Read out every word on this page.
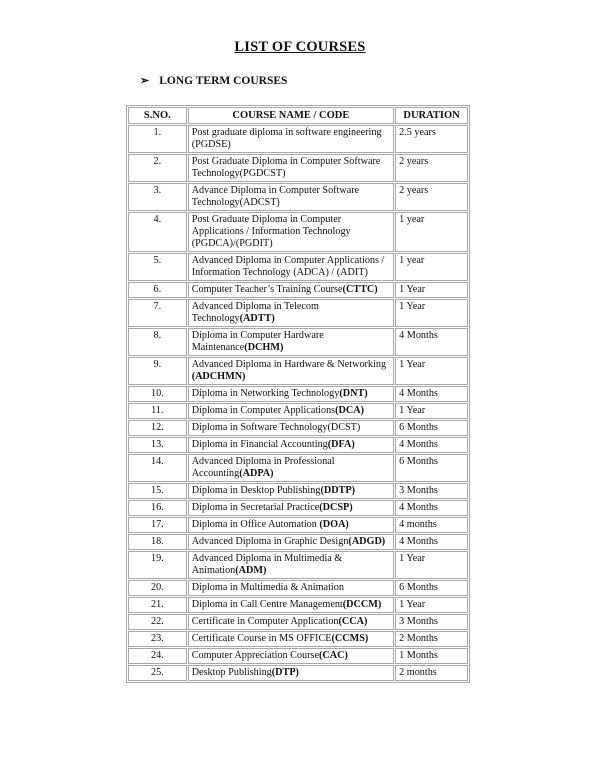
LIST OF COURSES
➢ LONG TERM COURSES
S.NO.	COURSE NAME / CODE	DURATION
1.	Post graduate diploma in software engineering (PGDSE)	2.5 years
2.	Post Graduate Diploma in Computer Software Technology(PGDCST)	2 years
3.	Advance Diploma in Computer Software Technology(ADCST)	2 years
4.	Post Graduate Diploma in Computer Applications / Information Technology (PGDCA)/(PGDIT)	1 year
5.	Advanced Diploma in Computer Applications / Information Technology (ADCA) / (ADIT)	1 year
6.	Computer Teacher’s Training Course(CTTC)	1 Year
7.	Advanced Diploma in Telecom Technology(ADTT)	1 Year
8.	Diploma in Computer Hardware Maintenance(DCHM)	4 Months
9.	Advanced Diploma in Hardware & Networking (ADCHMN)	1 Year
10.	Diploma in Networking Technology(DNT)	4 Months
11.	Diploma in Computer Applications(DCA)	1 Year
12.	Diploma in Software Technology(DCST)	6 Months
13.	Diploma in Financial Accounting(DFA)	4 Months
14.	Advanced Diploma in Professional Accounting(ADPA)	6 Months
15.	Diploma in Desktop Publishing(DDTP)	3 Months
16.	Diploma in Secretarial Practice(DCSP)	4 Months
17.	Diploma in Office Automation (DOA)	4 months
18.	Advanced Diploma in Graphic Design(ADGD)	4 Months
19.	Advanced Diploma in Multimedia & Animation(ADM)	1 Year
20.	Diploma in Multimedia & Animation	6 Months
21.	Diploma in Call Centre Management(DCCM)	1 Year
22.	Certificate in Computer Application(CCA)	3 Months
23.	Certificate Course in MS OFFICE(CCMS)	2 Months
24.	Computer Appreciation Course(CAC)	1 Months
25.	Desktop Publishing(DTP)	2 months
